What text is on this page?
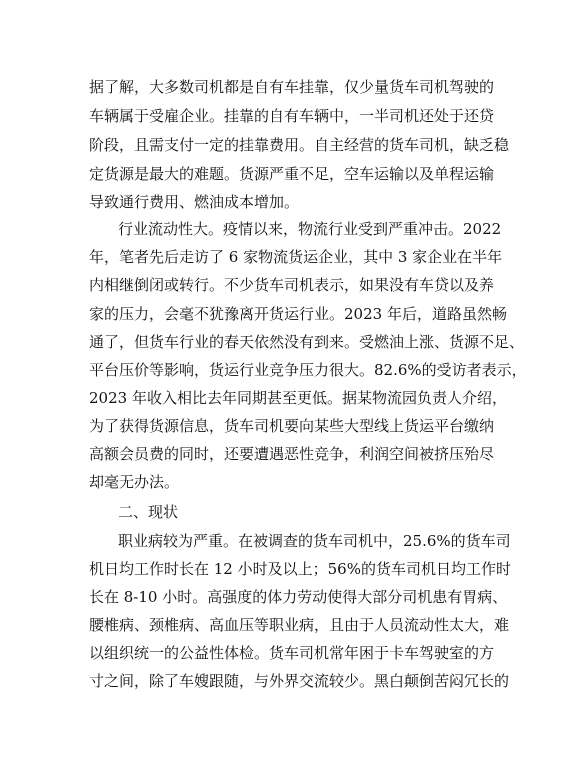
据了解，大多数司机都是自有车挂靠，仅少量货车司机驾驶的
车辆属于受雇企业。挂靠的自有车辆中，一半司机还处于还贷
阶段，且需支付一定的挂靠费用。自主经营的货车司机，缺乏稳
定货源是最大的难题。货源严重不足，空车运输以及单程运输
导致通行费用、燃油成本增加。
行业流动性大。疫情以来，物流行业受到严重冲击。2022
年，笔者先后走访了 6 家物流货运企业，其中 3 家企业在半年
内相继倒闭或转行。不少货车司机表示，如果没有车贷以及养
家的压力，会毫不犹豫离开货运行业。2023 年后，道路虽然畅
通了，但货车行业的春天依然没有到来。受燃油上涨、货源不足、
平台压价等影响，货运行业竞争压力很大。82.6%的受访者表示，
2023 年收入相比去年同期甚至更低。据某物流园负责人介绍，
为了获得货源信息，货车司机要向某些大型线上货运平台缴纳
高额会员费的同时，还要遭遇恶性竞争，利润空间被挤压殆尽
却毫无办法。
二、现状
职业病较为严重。在被调查的货车司机中，25.6%的货车司
机日均工作时长在 12 小时及以上；56%的货车司机日均工作时
长在 8-10 小时。高强度的体力劳动使得大部分司机患有胃病、
腰椎病、颈椎病、高血压等职业病，且由于人员流动性太大，难
以组织统一的公益性体检。货车司机常年困于卡车驾驶室的方
寸之间，除了车嫂跟随，与外界交流较少。黑白颠倒苦闷冗长的
